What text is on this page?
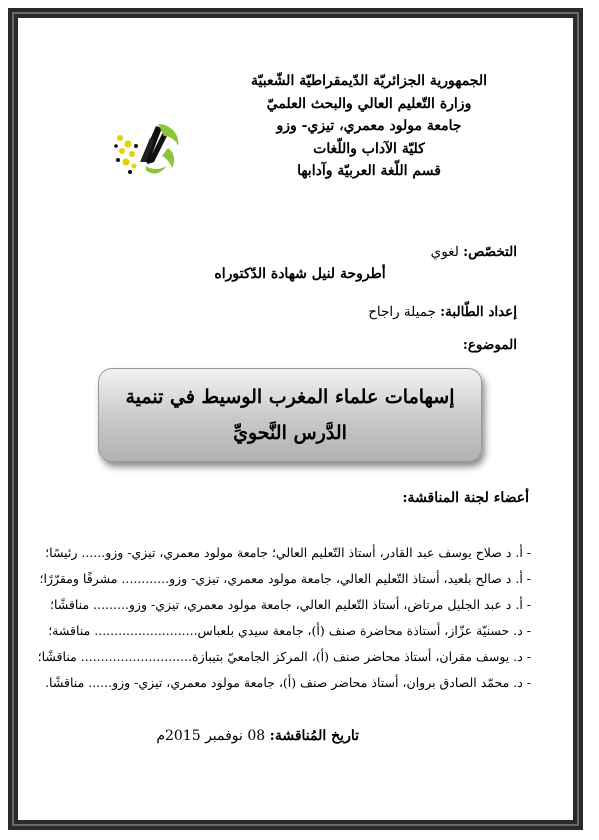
الجمهورية الجزائريّة الدّيمقراطيّة الشّعبيّة
وزارة التّعليم العالي والبحث العلميّ
جامعة مولود معمري، تيزي- وزو
كليّة الآداب واللّغات
قسم اللّغة العربيّة وآدابها
التخصّص: لغوي
أطروحة لنيل شهادة الدّكتوراه
إعداد الطّالبة: جميلة راجاح
الموضوع:
إسهامات علماء المغرب الوسيط في تنمية
الدَّرس النَّحويِّ
أعضاء لجنة المناقشة:
- أ. د صلاح يوسف عبد القادر، أستاذ التّعليم العالي؛ جامعة مولود معمري، تيزي- وزو...... رئيسًا؛
- أ. د صالح بلعيد، أستاذ التّعليم العالي، جامعة مولود معمري، تيزي- وزو............ مشرفًا ومقرّرًا؛
- أ. د عبد الجليل مرتاض، أستاذ التّعليم العالي، جامعة مولود معمري، تيزي- وزو......... مناقشًا؛
- د. حسنيّة عزّاز، أستاذة محاضرة صنف (أ)، جامعة سيدي بلعباس.......................... مناقشة؛
- د. يوسف مقران، أستاذ محاضر صنف (أ)، المركز الجامعيّ بتيبازة............................ مناقشًا؛
- د. محمّد الصادق بروان، أستاذ محاضر صنف (أ)، جامعة مولود معمري، تيزي- وزو...... مناقشًا.
تاريخ المُناقشة: 08 نوفمبر 2015م
